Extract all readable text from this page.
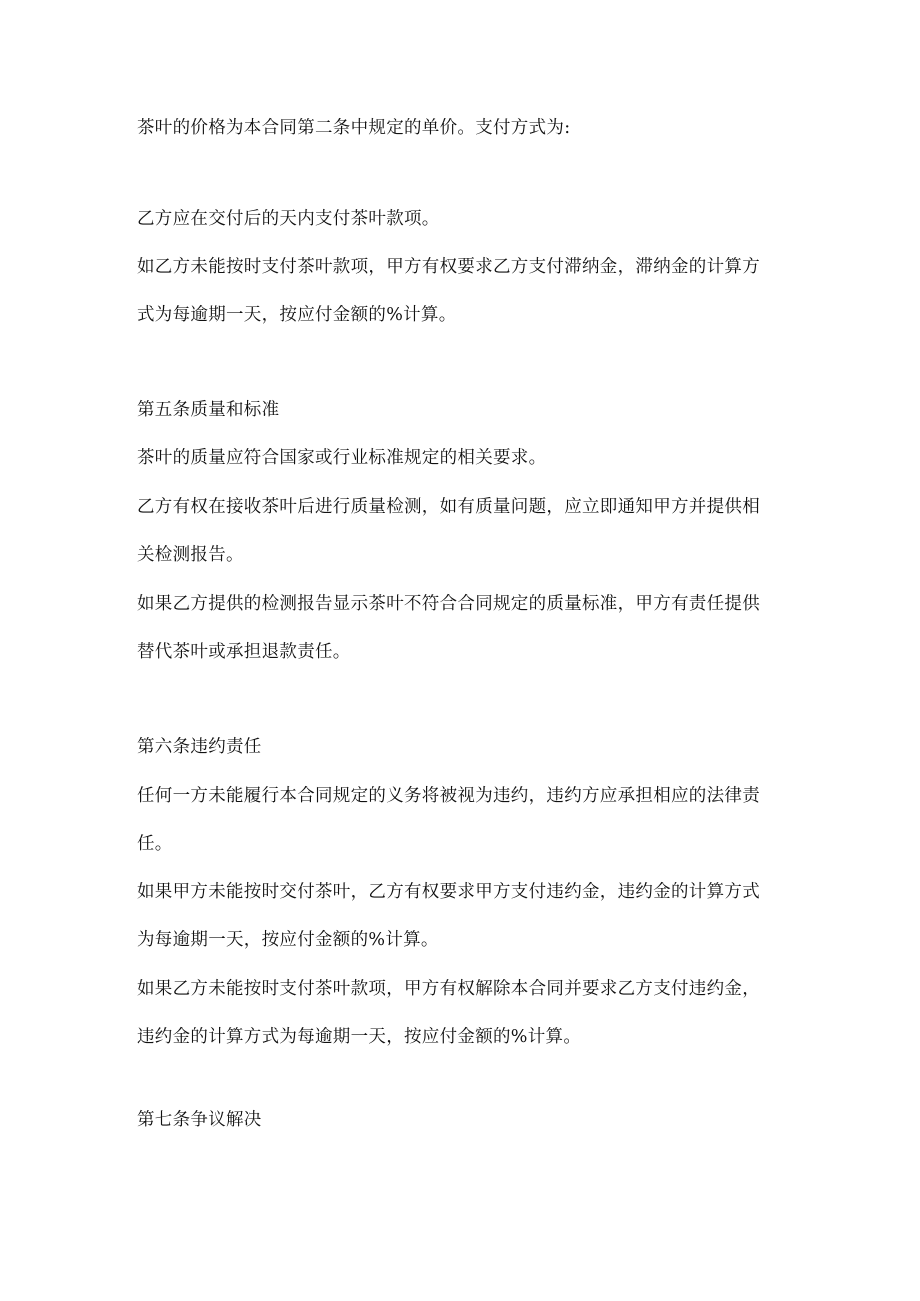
茶叶的价格为本合同第二条中规定的单价。支付方式为:
乙方应在交付后的天内支付茶叶款项。
如乙方未能按时支付茶叶款项，甲方有权要求乙方支付滞纳金，滞纳金的计算方
式为每逾期一天，按应付金额的%计算。
第五条质量和标准
茶叶的质量应符合国家或行业标准规定的相关要求。
乙方有权在接收茶叶后进行质量检测，如有质量问题，应立即通知甲方并提供相
关检测报告。
如果乙方提供的检测报告显示茶叶不符合合同规定的质量标准，甲方有责任提供
替代茶叶或承担退款责任。
第六条违约责任
任何一方未能履行本合同规定的义务将被视为违约，违约方应承担相应的法律责
任。
如果甲方未能按时交付茶叶，乙方有权要求甲方支付违约金，违约金的计算方式
为每逾期一天，按应付金额的%计算。
如果乙方未能按时支付茶叶款项，甲方有权解除本合同并要求乙方支付违约金，
违约金的计算方式为每逾期一天，按应付金额的%计算。
第七条争议解决
